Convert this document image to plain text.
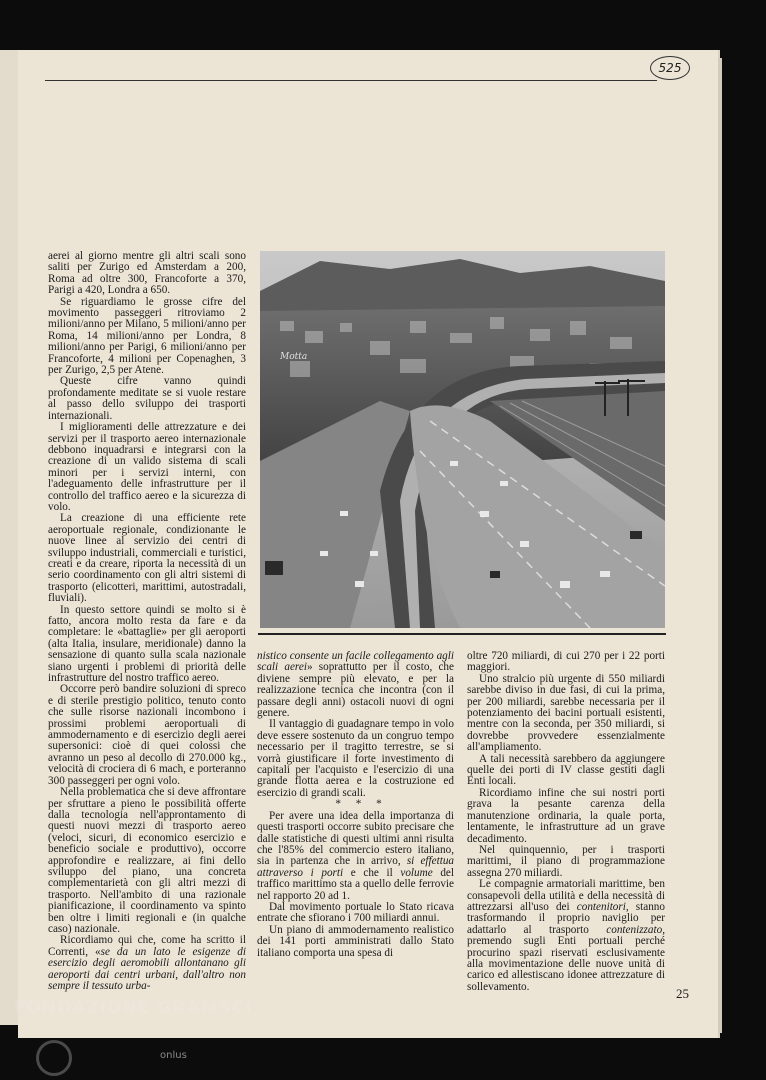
525

aerei al giorno mentre gli altri scali sono saliti per Zurigo ed Amsterdam a 200, Roma ad oltre 300, Francoforte a 370, Parigi a 420, Londra a 650.

Se riguardiamo le grosse cifre del movimento passeggeri ritroviamo 2 milioni/anno per Milano, 5 milioni/anno per Roma, 14 milioni/anno per Londra, 8 milioni/anno per Parigi, 6 milioni/anno per Francoforte, 4 milioni per Copenaghen, 3 per Zurigo, 2,5 per Atene.

Queste cifre vanno quindi profondamente meditate se si vuole restare al passo dello sviluppo dei trasporti internazionali.

I miglioramenti delle attrezzature e dei servizi per il trasporto aereo internazionale debbono inquadrarsi e integrarsi con la creazione di un valido sistema di scali minori per i servizi interni, con l'adeguamento delle infrastrutture per il controllo del traffico aereo e la sicurezza di volo.

La creazione di una efficiente rete aeroportuale regionale, condizionante le nuove linee al servizio dei centri di sviluppo industriali, commerciali e turistici, creati e da creare, riporta la necessità di un serio coordinamento con gli altri sistemi di trasporto (elicotteri, marittimi, autostradali, fluviali).

In questo settore quindi se molto si è fatto, ancora molto resta da fare e da completare: le «battaglie» per gli aeroporti (alta Italia, insulare, meridionale) danno la sensazione di quanto sulla scala nazionale siano urgenti i problemi di priorità delle infrastrutture del nostro traffico aereo.

Occorre però bandire soluzioni di spreco e di sterile prestigio politico, tenuto conto che sulle risorse nazionali incombono i prossimi problemi aeroportuali di ammodernamento e di esercizio degli aerei supersonici: cioè di quei colossi che avranno un peso al decollo di 270.000 kg., velocità di crociera di 6 mach, e porteranno 300 passeggeri per ogni volo.

Nella problematica che si deve affrontare per sfruttare a pieno le possibilità offerte dalla tecnologia nell'approntamento di questi nuovi mezzi di trasporto aereo (veloci, sicuri, di economico esercizio e beneficio sociale e produttivo), occorre approfondire e realizzare, ai fini dello sviluppo del piano, una concreta complementarietà con gli altri mezzi di trasporto. Nell'ambito di una razionale pianificazione, il coordinamento va spinto ben oltre i limiti regionali e (in qualche caso) nazionale.

Ricordiamo qui che, come ha scritto il Correnti, «se da un lato le esigenze di esercizio degli aeromobili allontanano gli aeroporti dai centri urbani, dall'altro non sempre il tessuto urba-

Motta

nistico consente un facile collegamento agli scali aerei» soprattutto per il costo, che diviene sempre più elevato, e per la realizzazione tecnica che incontra (con il passare degli anni) ostacoli nuovi di ogni genere.

Il vantaggio di guadagnare tempo in volo deve essere sostenuto da un congruo tempo necessario per il tragitto terrestre, se si vorrà giustificare il forte investimento di capitali per l'acquisto e l'esercizio di una grande flotta aerea e la costruzione ed esercizio di grandi scali.

* * *

Per avere una idea della importanza di questi trasporti occorre subito precisare che dalle statistiche di questi ultimi anni risulta che l'85% del commercio estero italiano, sia in partenza che in arrivo, si effettua attraverso i porti e che il volume del traffico marittimo sta a quello delle ferrovie nel rapporto 20 ad 1.

Dal movimento portuale lo Stato ricava entrate che sfiorano i 700 miliardi annui.

Un piano di ammodernamento realistico dei 141 porti amministrati dallo Stato italiano comporta una spesa di

oltre 720 miliardi, di cui 270 per i 22 porti maggiori.

Uno stralcio più urgente di 550 miliardi sarebbe diviso in due fasi, di cui la prima, per 200 miliardi, sarebbe necessaria per il potenziamento dei bacini portuali esistenti, mentre con la seconda, per 350 miliardi, si dovrebbe provvedere essenzialmente all'ampliamento.

A tali necessità sarebbero da aggiungere quelle dei porti di IV classe gestiti dagli Enti locali.

Ricordiamo infine che sui nostri porti grava la pesante carenza della manutenzione ordinaria, la quale porta, lentamente, le infrastrutture ad un grave decadimento.

Nel quinquennio, per i trasporti marittimi, il piano di programmazione assegna 270 miliardi.

Le compagnie armatoriali marittime, ben consapevoli della utilità e della necessità di attrezzarsi all'uso dei contenitori, stanno trasformando il proprio naviglio per adattarlo al trasporto contenizzato, premendo sugli Enti portuali perché procurino spazi riservati esclusivamente alla movimentazione delle nuove unità di carico ed allestiscano idonee attrezzature di sollevamento.	25
FONDAZIONE GRAMSCI
onlus
